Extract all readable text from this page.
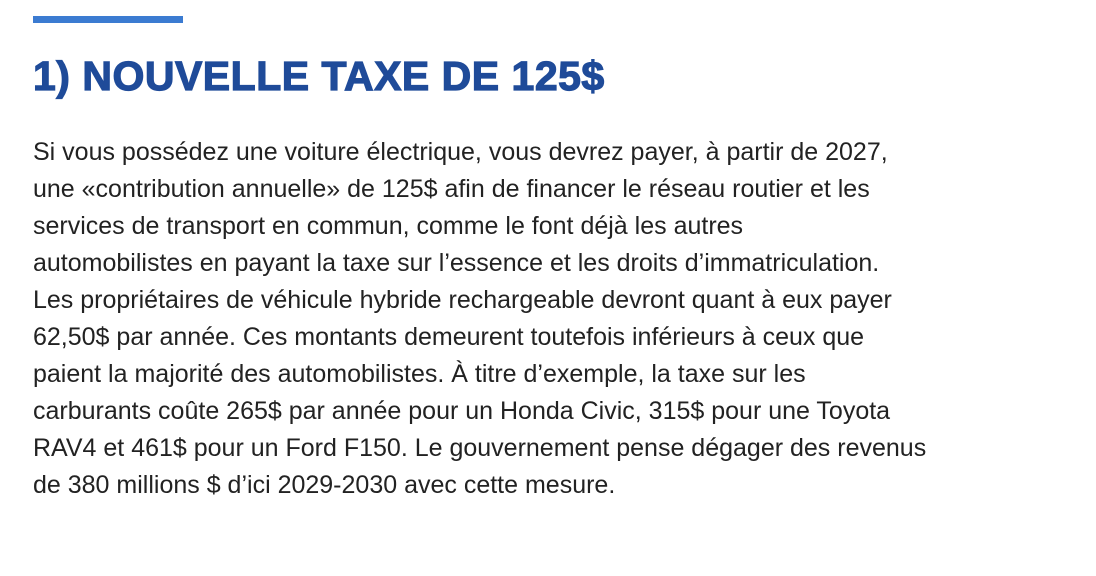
1) NOUVELLE TAXE DE 125$

Si vous possédez une voiture électrique, vous devrez payer, à partir de 2027,
une «contribution annuelle» de 125$ afin de financer le réseau routier et les
services de transport en commun, comme le font déjà les autres
automobilistes en payant la taxe sur l’essence et les droits d’immatriculation.
Les propriétaires de véhicule hybride rechargeable devront quant à eux payer
62,50$ par année. Ces montants demeurent toutefois inférieurs à ceux que
paient la majorité des automobilistes. À titre d’exemple, la taxe sur les
carburants coûte 265$ par année pour un Honda Civic, 315$ pour une Toyota
RAV4 et 461$ pour un Ford F150. Le gouvernement pense dégager des revenus
de 380 millions $ d’ici 2029-2030 avec cette mesure.
